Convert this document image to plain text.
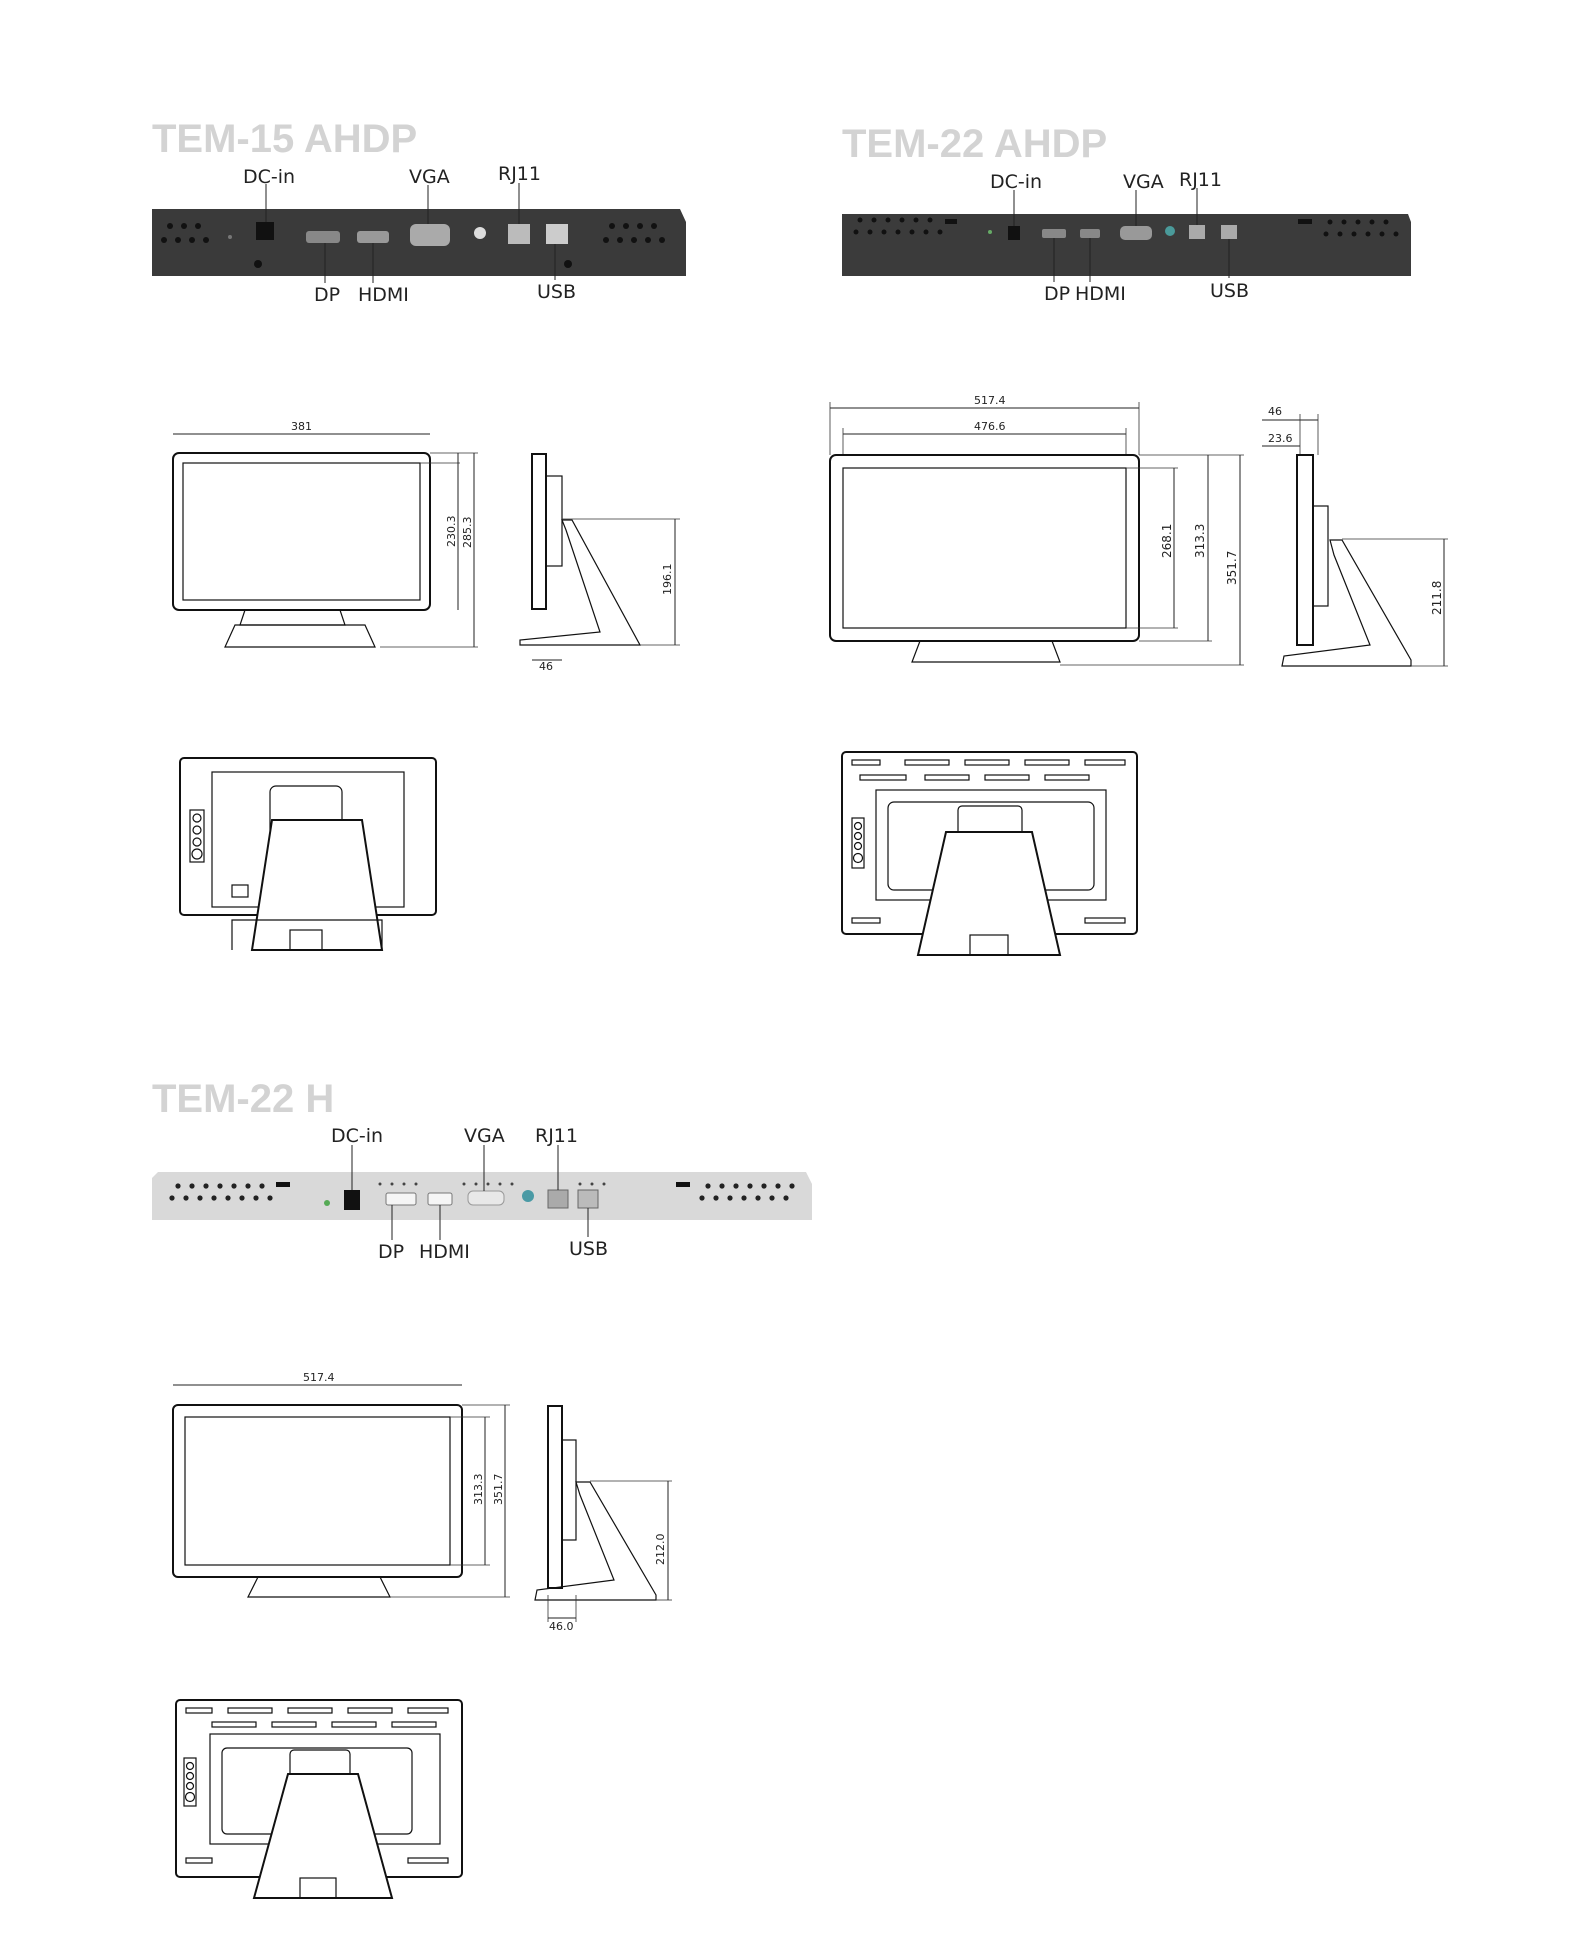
TEM-15 AHDP
DC-in	VGA	RJ11
DP HDMI	USB
381
230.3 285.3
196.1
46
TEM-22 AHDP
DC-in	VGA RJ11
DP HDMI	USB
517.4
476.6
268.1 313.3
351.7
46
23.6
211.8
TEM-22 H
DC-in	VGA RJ11
DP HDMI	USB
517.4
313.3 351.7
212.0
46.0
